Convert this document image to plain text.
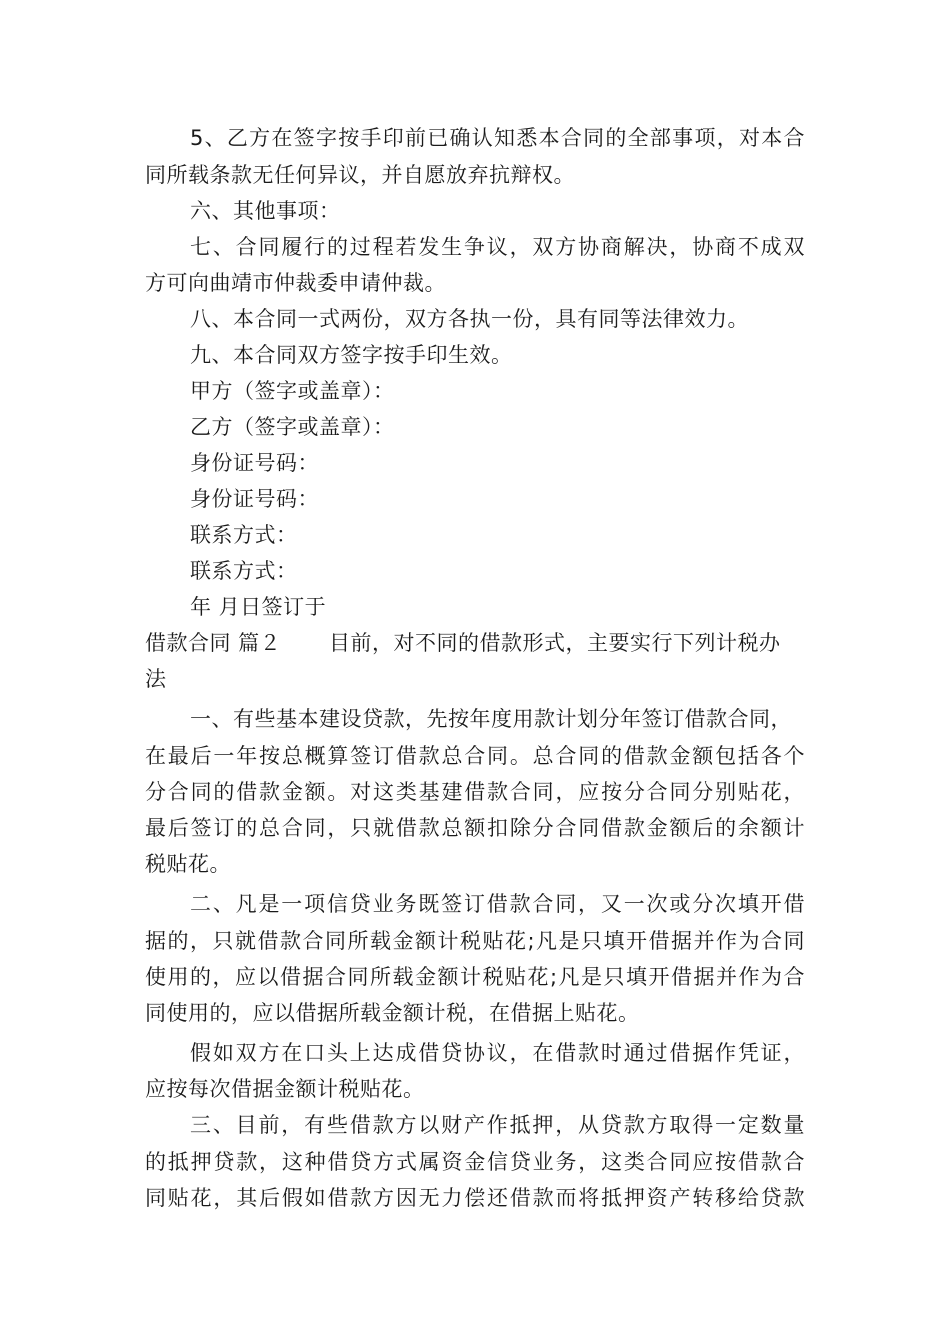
5、乙方在签字按手印前已确认知悉本合同的全部事项，对本合
同所载条款无任何异议，并自愿放弃抗辩权。
六、其他事项：
七、合同履行的过程若发生争议，双方协商解决，协商不成双
方可向曲靖市仲裁委申请仲裁。
八、本合同一式两份，双方各执一份，具有同等法律效力。
九、本合同双方签字按手印生效。
甲方（签字或盖章）：
乙方（签字或盖章）：
身份证号码：
身份证号码：
联系方式：
联系方式：
年 月日签订于
借款合同 篇２ 目前，对不同的借款形式，主要实行下列计税办
法
一、有些基本建设贷款，先按年度用款计划分年签订借款合同，
在最后一年按总概算签订借款总合同。总合同的借款金额包括各个
分合同的借款金额。对这类基建借款合同，应按分合同分别贴花，
最后签订的总合同，只就借款总额扣除分合同借款金额后的余额计
税贴花。
二、凡是一项信贷业务既签订借款合同，又一次或分次填开借
据的，只就借款合同所载金额计税贴花;凡是只填开借据并作为合同
使用的，应以借据合同所载金额计税贴花;凡是只填开借据并作为合
同使用的，应以借据所载金额计税，在借据上贴花。
假如双方在口头上达成借贷协议，在借款时通过借据作凭证，
应按每次借据金额计税贴花。
三、目前，有些借款方以财产作抵押，从贷款方取得一定数量
的抵押贷款，这种借贷方式属资金信贷业务，这类合同应按借款合
同贴花，其后假如借款方因无力偿还借款而将抵押资产转移给贷款
